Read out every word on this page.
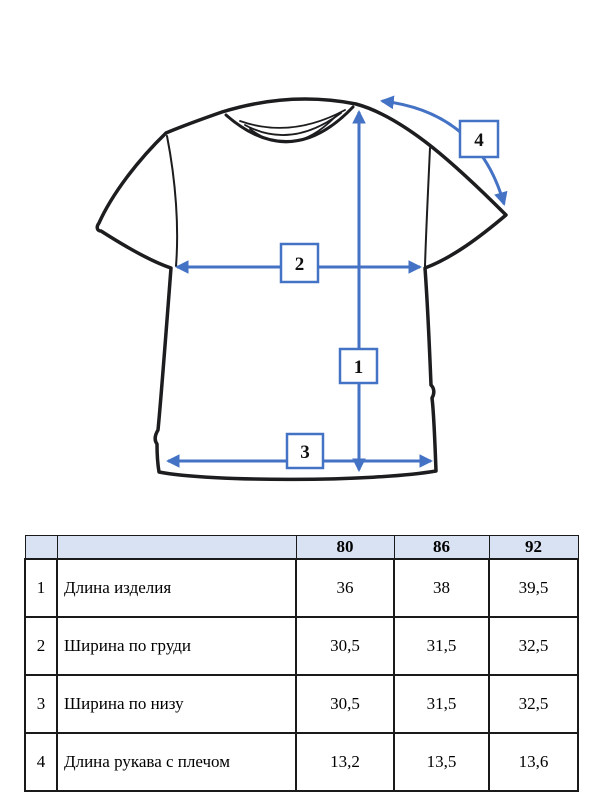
1
2
3
4
		80	86	92
1	Длина изделия	36	38	39,5
2	Ширина по груди	30,5	31,5	32,5
3	Ширина по низу	30,5	31,5	32,5
4	Длина рукава с плечом	13,2	13,5	13,6
